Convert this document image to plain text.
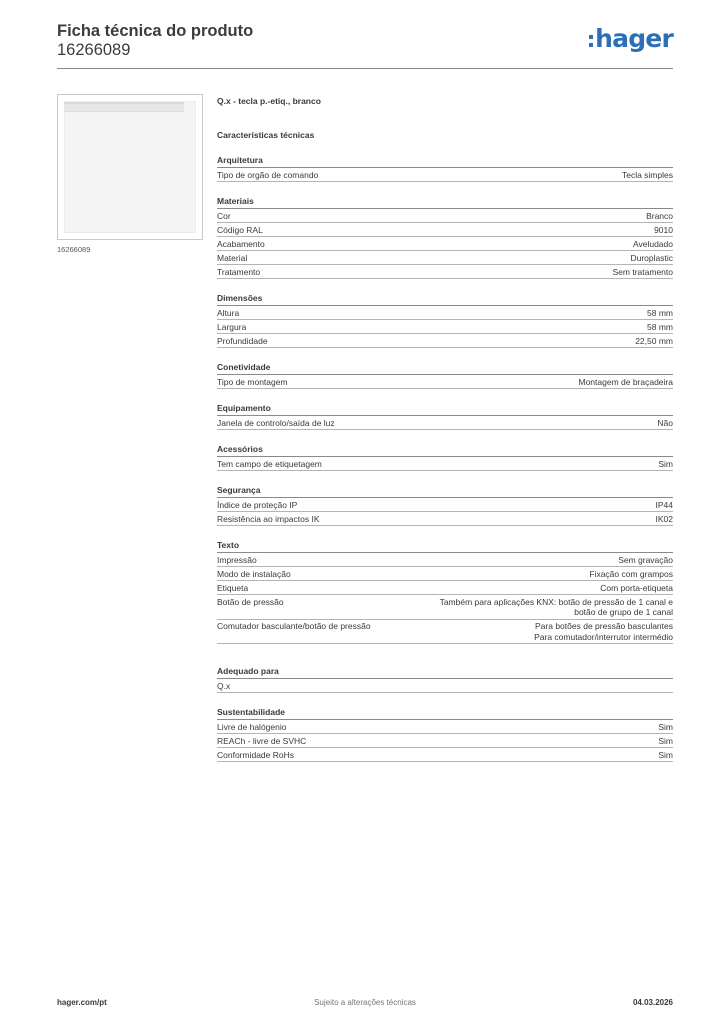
Ficha técnica do produto
16266089	hager
16266089
Q.x - tecla p.-etiq., branco
Características técnicas
Arquitetura
Tipo de orgão de comando	Tecla simples
Materiais
Cor	Branco
Código RAL	9010
Acabamento	Aveludado
Material	Duroplastic
Tratamento	Sem tratamento
Dimensões
Altura	58 mm
Largura	58 mm
Profundidade	22,50 mm
Conetividade
Tipo de montagem	Montagem de braçadeira
Equipamento
Janela de controlo/saída de luz	Não
Acessórios
Tem campo de etiquetagem	Sim
Segurança
Índice de proteção IP	IP44
Resistência ao impactos IK	IK02
Texto
Impressão	Sem gravação
Modo de instalação	Fixação com grampos
Etiqueta	Com porta-etiqueta
Botão de pressão	Também para aplicações KNX: botão de pressão de 1 canal e
botão de grupo de 1 canal
Comutador basculante/botão de pressão	Para botões de pressão basculantes
Para comutador/interrutor intermédio
Adequado para
Q.x
Sustentabilidade
Livre de halógenio	Sim
REACh - livre de SVHC	Sim
Conformidade RoHs	Sim
hager.com/pt	Sujeito a alterações técnicas	04.03.2026
